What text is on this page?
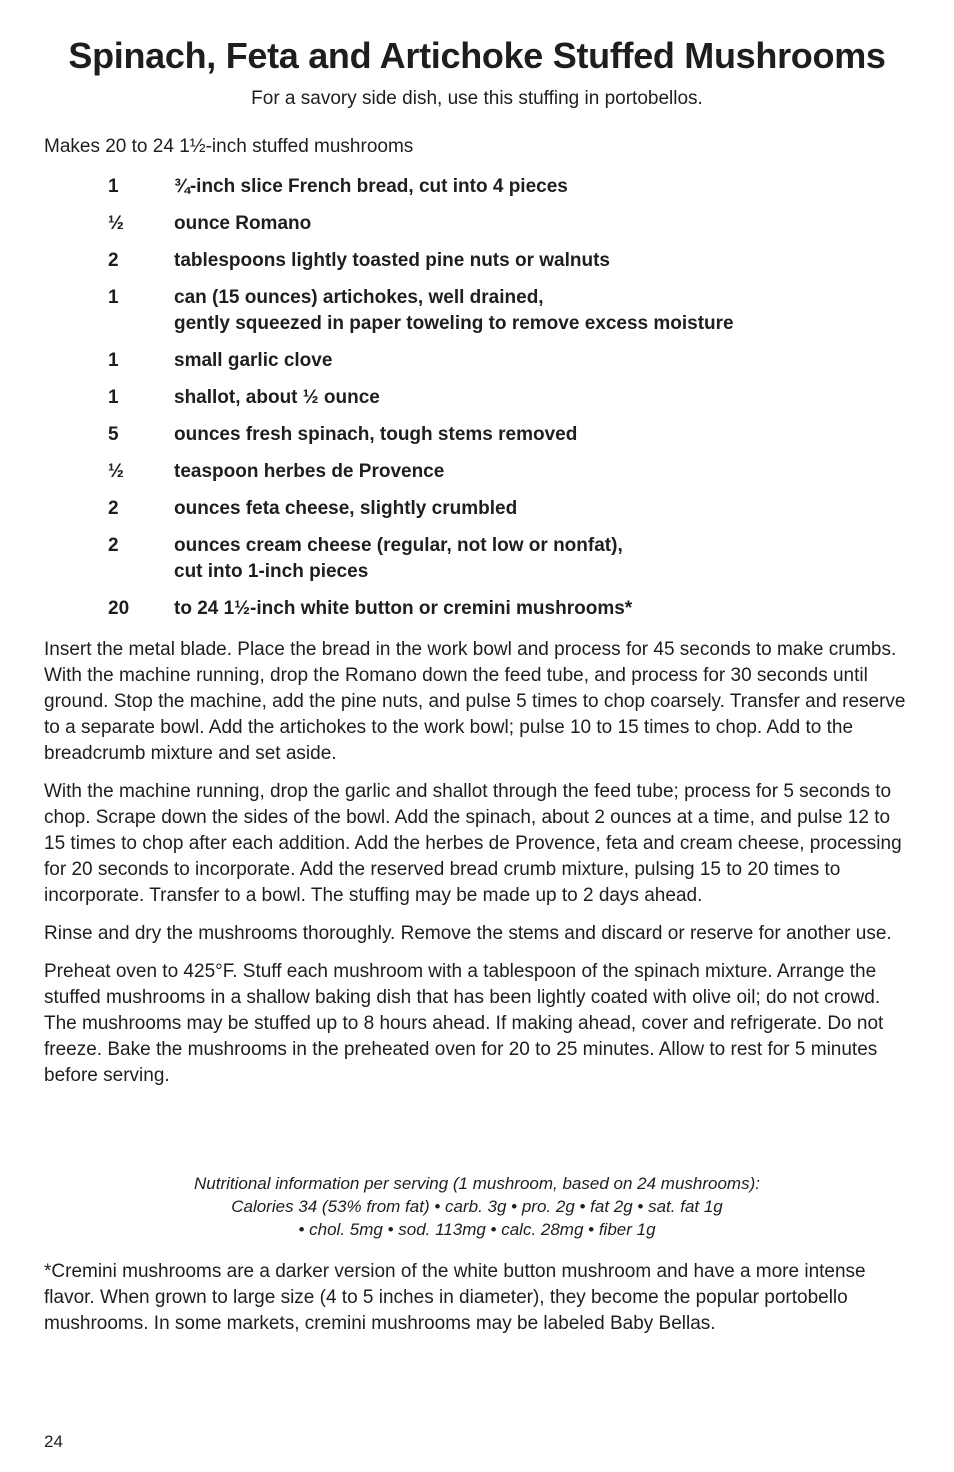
Spinach, Feta and Artichoke Stuffed Mushrooms
For a savory side dish, use this stuffing in portobellos.
Makes 20 to 24 1½-inch stuffed mushrooms
1	¾-inch slice French bread, cut into 4 pieces
½	ounce Romano
2	tablespoons lightly toasted pine nuts or walnuts
1	can (15 ounces) artichokes, well drained,
gently squeezed in paper toweling to remove excess moisture
1	small garlic clove
1	shallot, about ½ ounce
5	ounces fresh spinach, tough stems removed
½	teaspoon herbes de Provence
2	ounces feta cheese, slightly crumbled
2	ounces cream cheese (regular, not low or nonfat),
cut into 1-inch pieces
20	to 24 1½-inch white button or cremini mushrooms*

Insert the metal blade. Place the bread in the work bowl and process for 45 seconds to make crumbs. With the machine running, drop the Romano down the feed tube, and process for 30 seconds until ground. Stop the machine, add the pine nuts, and pulse 5 times to chop coarsely. Transfer and reserve to a separate bowl. Add the artichokes to the work bowl; pulse 10 to 15 times to chop. Add to the breadcrumb mixture and set aside.

With the machine running, drop the garlic and shallot through the feed tube; process for 5 seconds to chop. Scrape down the sides of the bowl. Add the spinach, about 2 ounces at a time, and pulse 12 to 15 times to chop after each addition. Add the herbes de Provence, feta and cream cheese, processing for 20 seconds to incorporate. Add the reserved bread crumb mixture, pulsing 15 to 20 times to incorporate. Transfer to a bowl. The stuffing may be made up to 2 days ahead.

Rinse and dry the mushrooms thoroughly. Remove the stems and discard or reserve for another use.

Preheat oven to 425°F. Stuff each mushroom with a tablespoon of the spinach mixture. Arrange the stuffed mushrooms in a shallow baking dish that has been lightly coated with olive oil; do not crowd. The mushrooms may be stuffed up to 8 hours ahead. If making ahead, cover and refrigerate. Do not freeze. Bake the mushrooms in the preheated oven for 20 to 25 minutes. Allow to rest for 5 minutes before serving.

Nutritional information per serving (1 mushroom, based on 24 mushrooms):
Calories 34 (53% from fat) • carb. 3g • pro. 2g • fat 2g • sat. fat 1g
• chol. 5mg • sod. 113mg • calc. 28mg • fiber 1g

*Cremini mushrooms are a darker version of the white button mushroom and have a more intense flavor. When grown to large size (4 to 5 inches in diameter), they become the popular portobello mushrooms. In some markets, cremini mushrooms may be labeled Baby Bellas.

24
